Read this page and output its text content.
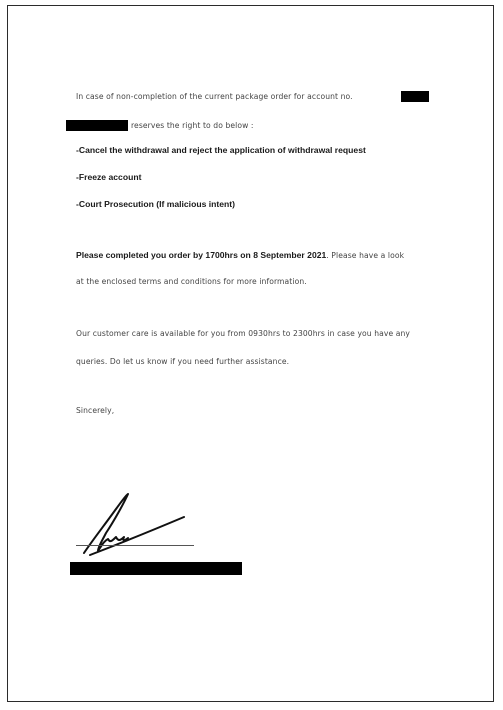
In case of non-completion of the current package order for account no.
reserves the right to do below :
-Cancel the withdrawal and reject the application of withdrawal request
-Freeze account
-Court Prosecution (If malicious intent)
Please completed you order by 1700hrs on 8 September 2021. Please have a look
at the enclosed terms and conditions for more information.
Our customer care is available for you from 0930hrs to 2300hrs in case you have any
queries. Do let us know if you need further assistance.
Sincerely,
